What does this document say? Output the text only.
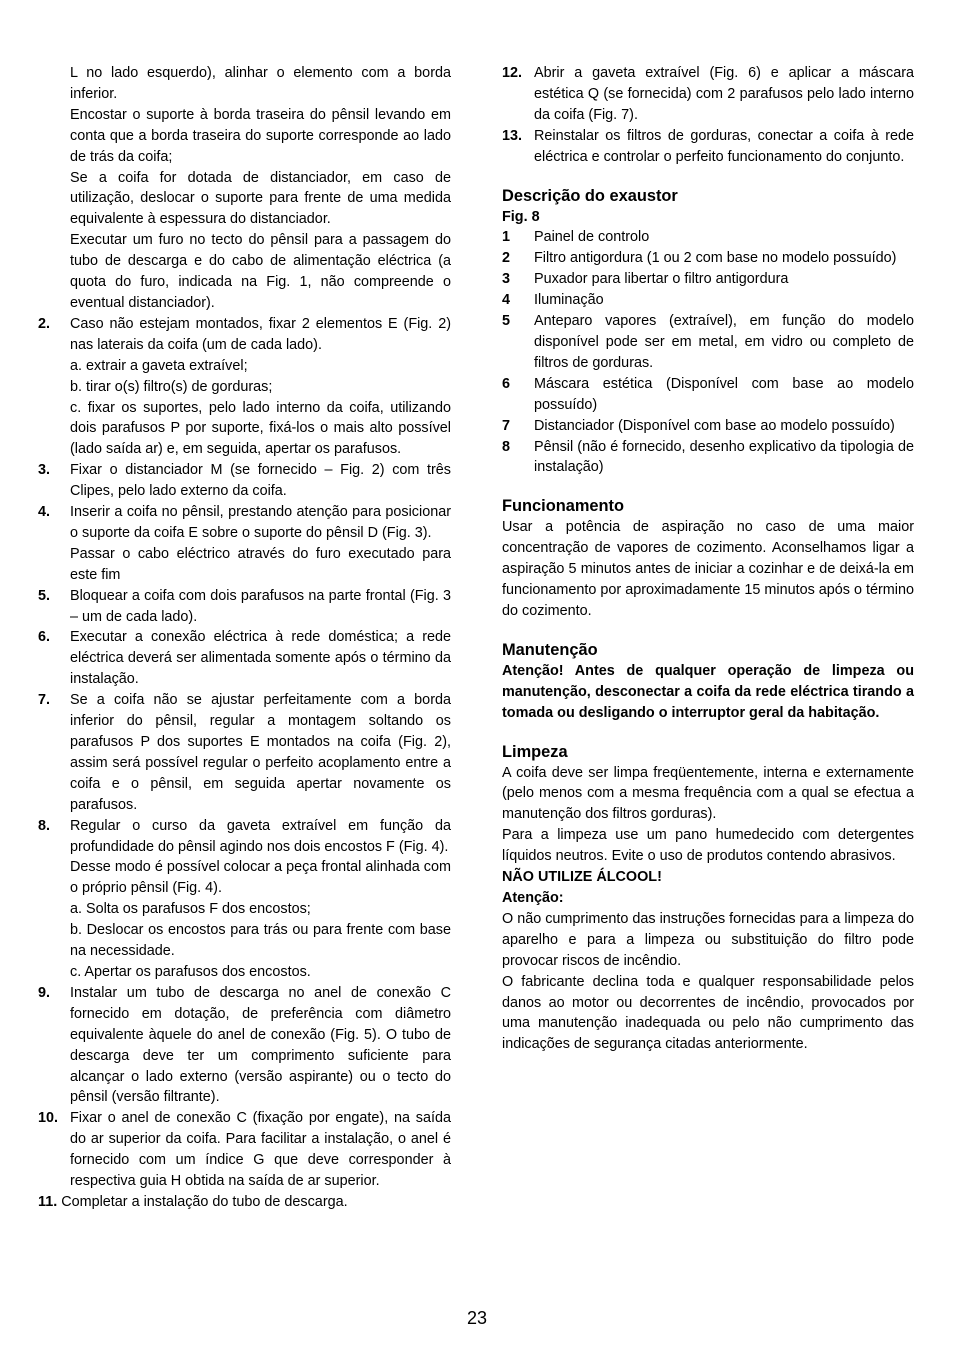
L no lado esquerdo), alinhar o elemento com a borda inferior.

Encostar o suporte à borda traseira do pênsil levando em conta que a borda traseira do suporte corresponde ao lado de trás da coifa;

Se a coifa for dotada de distanciador, em caso de utilização, deslocar o suporte para frente de uma medida equivalente à espessura do distanciador.

Executar um furo no tecto do pênsil para a passagem do tubo de descarga e do cabo de alimentação eléctrica (a quota do furo, indicada na Fig. 1, não compreende o eventual distanciador).

2. Caso não estejam montados, fixar 2 elementos E (Fig. 2) nas laterais da coifa (um de cada lado).

a. extrair a gaveta extraível;

b. tirar o(s) filtro(s) de gorduras;

c. fixar os suportes, pelo lado interno da coifa, utilizando dois parafusos P por suporte, fixá-los o mais alto possível (lado saída ar) e, em seguida, apertar os parafusos.

3. Fixar o distanciador M (se fornecido – Fig. 2) com três Clipes, pelo lado externo da coifa.

4. Inserir a coifa no pênsil, prestando atenção para posicionar o suporte da coifa E sobre o suporte do pênsil D (Fig. 3).

Passar o cabo eléctrico através do furo executado para este fim

5. Bloquear a coifa com dois parafusos na parte frontal (Fig. 3 – um de cada lado).

6. Executar a conexão eléctrica à rede doméstica; a rede eléctrica deverá ser alimentada somente após o término da instalação.

7. Se a coifa não se ajustar perfeitamente com a borda inferior do pênsil, regular a montagem soltando os parafusos P dos suportes E montados na coifa (Fig. 2), assim será possível regular o perfeito acoplamento entre a coifa e o pênsil, em seguida apertar novamente os parafusos.

8. Regular o curso da gaveta extraível em função da profundidade do pênsil agindo nos dois encostos F (Fig. 4).

Desse modo é possível colocar a peça frontal alinhada com o próprio pênsil (Fig. 4).

a. Solta os parafusos F dos encostos;

b. Deslocar os encostos para trás ou para frente com base na necessidade.

c. Apertar os parafusos dos encostos.

9. Instalar um tubo de descarga no anel de conexão C fornecido em dotação, de preferência com diâmetro equivalente àquele do anel de conexão (Fig. 5). O tubo de descarga deve ter um comprimento suficiente para alcançar o lado externo (versão aspirante) ou o tecto do pênsil (versão filtrante).

10. Fixar o anel de conexão C (fixação por engate), na saída do ar superior da coifa. Para facilitar a instalação, o anel é fornecido com um índice G que deve corresponder à respectiva guia H obtida na saída de ar superior.

11. Completar a instalação do tubo de descarga.
12. Abrir a gaveta extraível (Fig. 6) e aplicar a máscara estética Q (se fornecida) com 2 parafusos pelo lado interno da coifa (Fig. 7).

13. Reinstalar os filtros de gorduras, conectar a coifa à rede eléctrica e controlar o perfeito funcionamento do conjunto.

Descrição do exaustor

Fig. 8

1 Painel de controlo

2 Filtro antigordura (1 ou 2 com base no modelo possuído)

3 Puxador para libertar o filtro antigordura

4 Iluminação

5 Anteparo vapores (extraível), em função do modelo disponível pode ser em metal, em vidro ou completo de filtros de gorduras.

6 Máscara estética (Disponível com base ao modelo possuído)

7 Distanciador (Disponível com base ao modelo possuído)

8 Pênsil (não é fornecido, desenho explicativo da tipologia de instalação)

Funcionamento

Usar a potência de aspiração no caso de uma maior concentração de vapores de cozimento. Aconselhamos ligar a aspiração 5 minutos antes de iniciar a cozinhar e de deixá-la em funcionamento por aproximadamente 15 minutos após o término do cozimento.

Manutenção

Atenção! Antes de qualquer operação de limpeza ou manutenção, desconectar a coifa da rede eléctrica tirando a tomada ou desligando o interruptor geral da habitação.

Limpeza

A coifa deve ser limpa freqüentemente, interna e externamente (pelo menos com a mesma frequência com a qual se efectua a manutenção dos filtros gorduras).

Para a limpeza use um pano humedecido com detergentes líquidos neutros. Evite o uso de produtos contendo abrasivos.

NÃO UTILIZE ÁLCOOL!

Atenção:

O não cumprimento das instruções fornecidas para a limpeza do aparelho e para a limpeza ou substituição do filtro pode provocar riscos de incêndio.

O fabricante declina toda e qualquer responsabilidade pelos danos ao motor ou decorrentes de incêndio, provocados por uma manutenção inadequada ou pelo não cumprimento das indicações de segurança citadas anteriormente.

23
